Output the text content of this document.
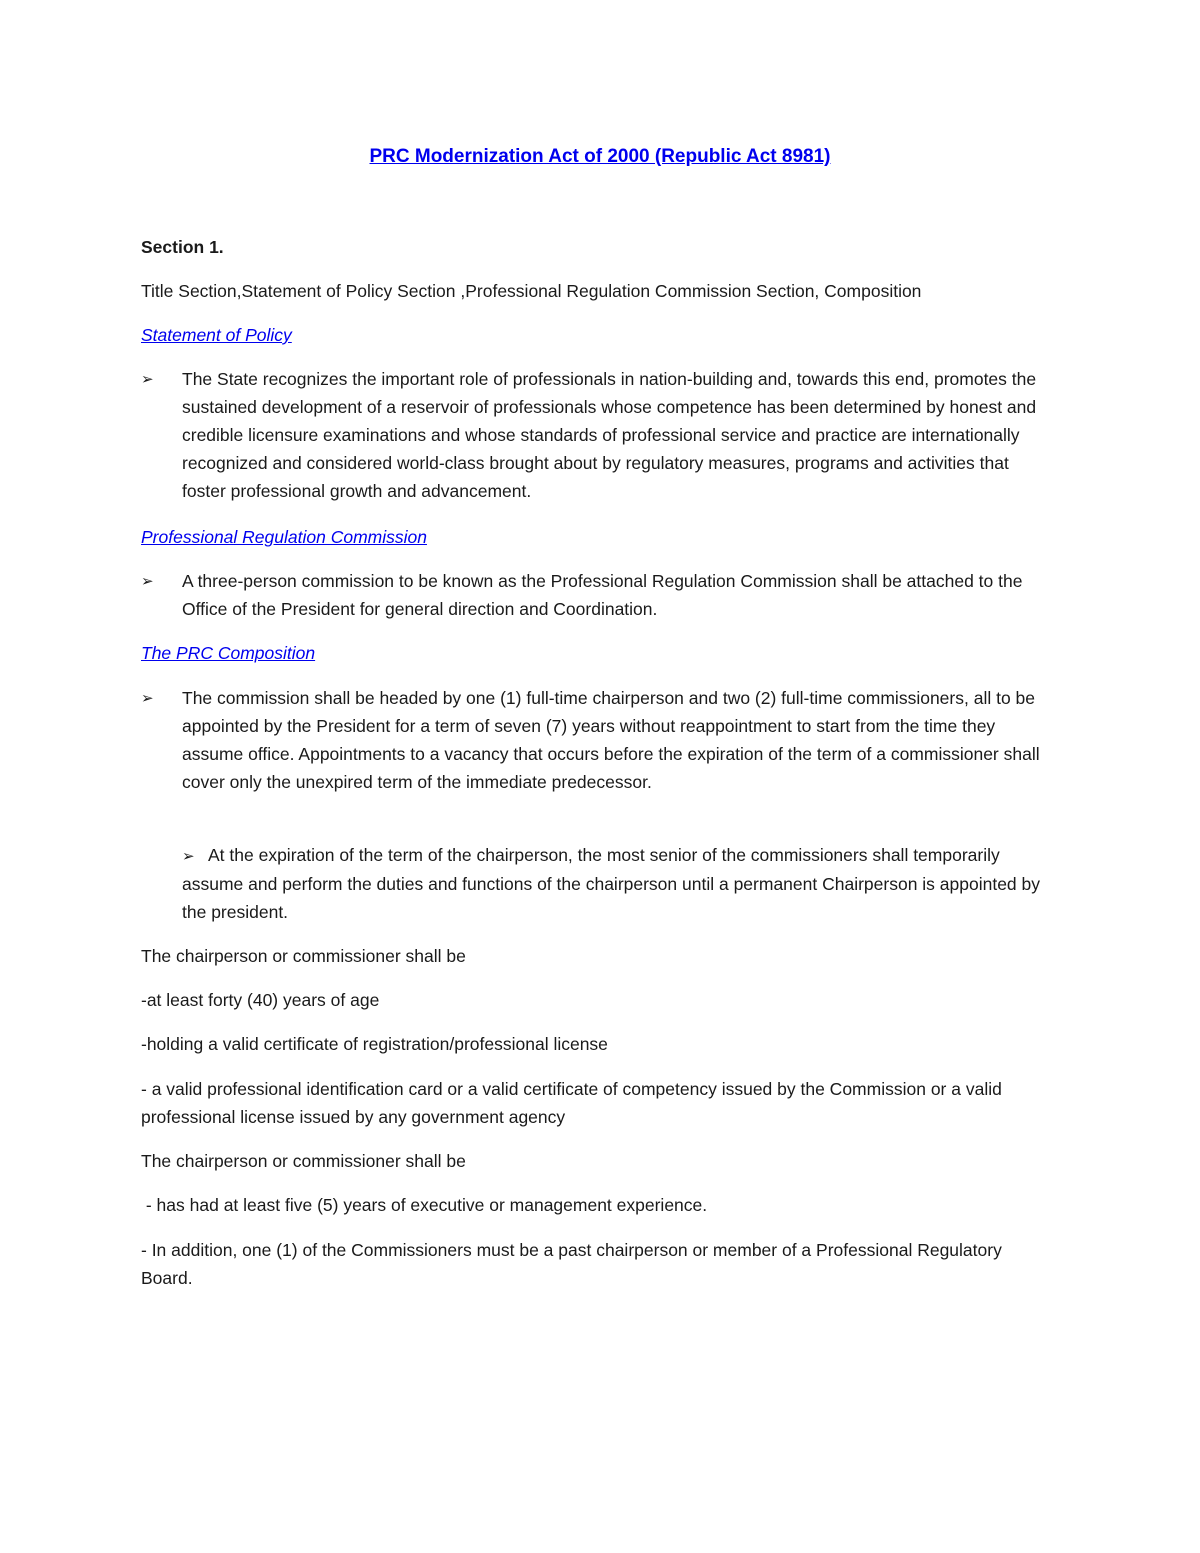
PRC Modernization Act of 2000 (Republic Act 8981)

Section 1.

Title Section,Statement of Policy Section ,Professional Regulation Commission Section, Composition

Statement of Policy

➢	The State recognizes the important role of professionals in nation-building and, towards this end, promotes the sustained development of a reservoir of professionals whose competence has been determined by honest and credible licensure examinations and whose standards of professional service and practice are internationally recognized and considered world-class brought about by regulatory measures, programs and activities that foster professional growth and advancement.

Professional Regulation Commission

➢	A three-person commission to be known as the Professional Regulation Commission shall be attached to the Office of the President for general direction and Coordination.

The PRC Composition

➢	The commission shall be headed by one (1) full-time chairperson and two (2) full-time commissioners, all to be appointed by the President for a term of seven (7) years without reappointment to start from the time they assume office. Appointments to a vacancy that occurs before the expiration of the term of a commissioner shall cover only the unexpired term of the immediate predecessor.

➢ At the expiration of the term of the chairperson, the most senior of the commissioners shall temporarily assume and perform the duties and functions of the chairperson until a permanent Chairperson is appointed by the president.

The chairperson or commissioner shall be

-at least forty (40) years of age

-holding a valid certificate of registration/professional license

- a valid professional identification card or a valid certificate of competency issued by the Commission or a valid professional license issued by any government agency

The chairperson or commissioner shall be

- has had at least five (5) years of executive or management experience.

- In addition, one (1) of the Commissioners must be a past chairperson or member of a Professional Regulatory Board.
